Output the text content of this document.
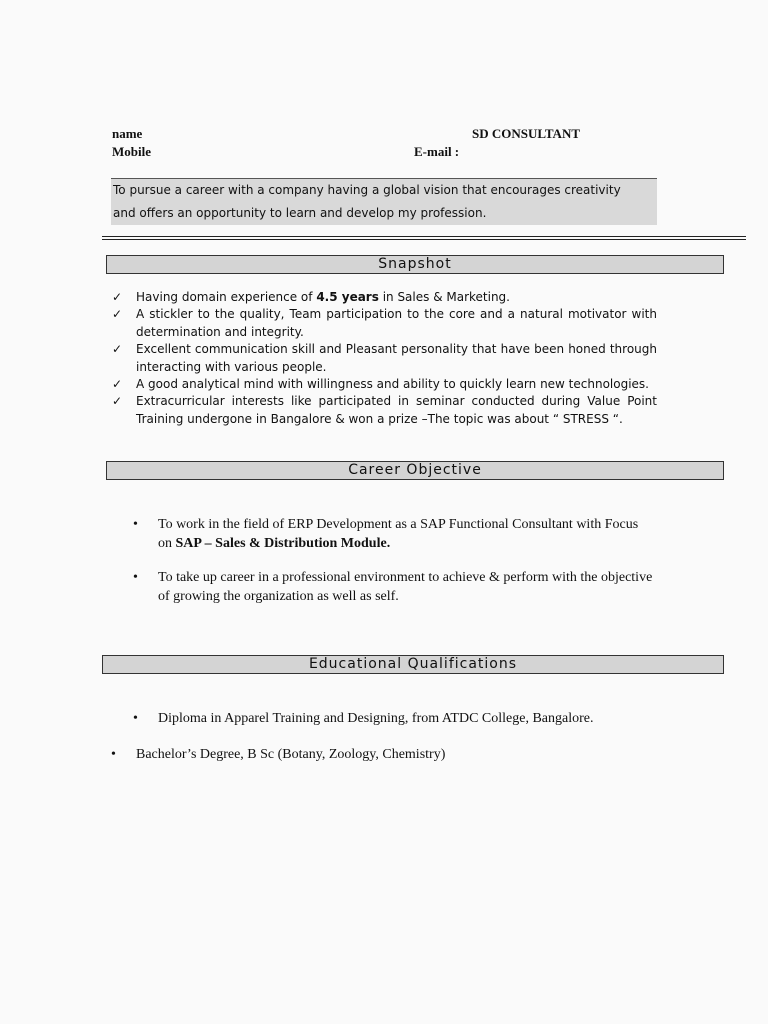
name	SD CONSULTANT
Mobile	E-mail :
To pursue a career with a company having a global vision that encourages creativity
and offers an opportunity to learn and develop my profession.
Snapshot
✓ Having domain experience of 4.5 years in Sales & Marketing.
✓ A stickler to the quality, Team participation to the core and a natural motivator with determination and integrity.
✓ Excellent communication skill and Pleasant personality that have been honed through interacting with various people.
✓ A good analytical mind with willingness and ability to quickly learn new technologies.
✓ Extracurricular interests like participated in seminar conducted during Value Point Training undergone in Bangalore & won a prize –The topic was about “ STRESS “.
Career Objective
• To work in the field of ERP Development as a SAP Functional Consultant with Focus on SAP – Sales & Distribution Module.
• To take up career in a professional environment to achieve & perform with the objective of growing the organization as well as self.
Educational Qualifications
• Diploma in Apparel Training and Designing, from ATDC College, Bangalore.
• Bachelor’s Degree, B Sc (Botany, Zoology, Chemistry)
